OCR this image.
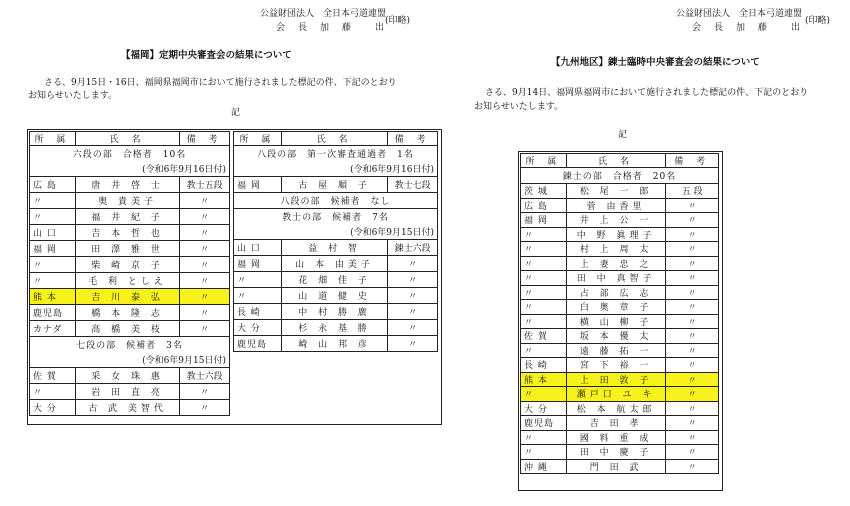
公益財団法人　全日本弓道連盟
会　長　加　藤　　出
(印略)
【福岡】定期中央審査会の結果について
さる、9月15日・16日、福岡県福岡市において施行されました標記の件、下記のとおり
お知らせいたします。
記
所 属	氏 名	備 考
六段の部　合格者　10名		
(令和6年9月16日付)		
広 島	唐 井 啓 士	教士五段
〃	奥 貴美子	〃
〃	福 井 紀 子	〃
山 口	吉 本 哲 也	〃
福 岡	田 澤 雅 世	〃
〃	柴 崎 京 子	〃
〃	毛 利 としえ	〃
熊 本	吉 川 泰 弘	〃
鹿児島	橋 本 隆 志	〃
カナダ	高 橋 美 枝	〃
七段の部　候補者　3名		
(令和6年9月15日付)		
佐 賀	采 女 珠 惠	教士六段
〃	岩 田 直 亮	〃
大 分	古 武 美智代	〃
所 属	氏 名	備 考
八段の部　第一次審査通過者　1名		
(令和6年9月16日付)		
福 岡	古 屋 順 子	教士七段
八段の部　候補者　なし		
教士の部　候補者　7名		
(令和6年9月15日付)		
山 口	益 村 智	錬士六段
福 岡	山 本 由美子	〃
〃	花 畑 佳 子	〃
〃	山 道 健 史	〃
長 崎	中 村 勝 廣	〃
大 分	杉 永 基 勝	〃
鹿児島	崎 山 邦 彦	〃
公益財団法人　全日本弓道連盟
会　長　加　藤　　出
(印略)
【九州地区】錬士臨時中央審査会の結果について
さる、9月14日、福岡県福岡市において施行されました標記の件、下記のとおり
お知らせいたします。
記
所 属	氏 名	備 考
錬士の部　合格者　20名		
茨 城	松 尾 一 郎	五 段
広 島	菅 由香里	〃
福 岡	井 上 公 一	〃
〃	中 野 眞理子	〃
〃	村 上 周 太	〃
〃	上 妻 忠 之	〃
〃	田 中 真智子	〃
〃	占 部 広 志	〃
〃	白 奥 章 子	〃
〃	横 山 柳 子	〃
佐 賀	坂 本 優 太	〃
〃	遠 藤 拓 一	〃
長 崎	宮 下 裕 一	〃
熊 本	上 田 敦 子	〃
〃	瀬戸口 ユ キ	〃
大 分	松 本 航太郎	〃
鹿児島	吉 田 孝	〃
〃	國 料 重 成	〃
〃	田 中 慶 子	〃
沖 縄	門 田 武	〃
